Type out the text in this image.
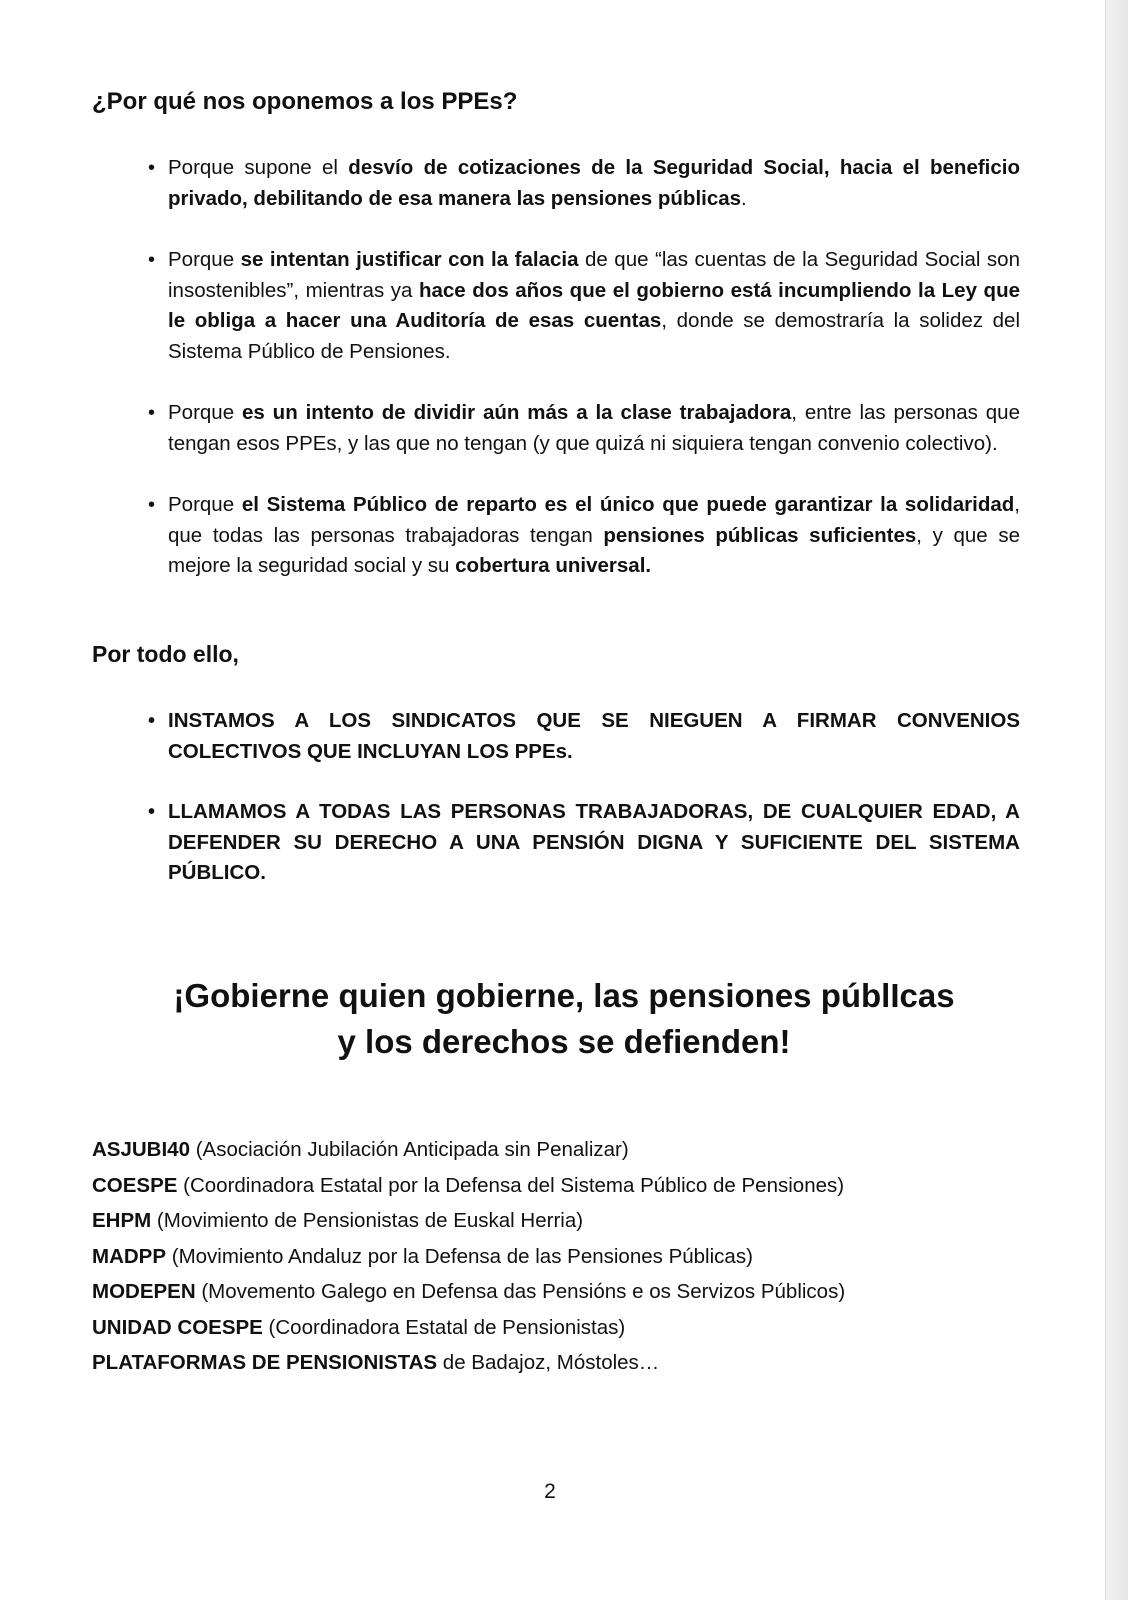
¿Por qué nos oponemos a los PPEs?
• Porque supone el desvío de cotizaciones de la Seguridad Social, hacia el beneficio privado, debilitando de esa manera las pensiones públicas.
• Porque se intentan justificar con la falacia de que “las cuentas de la Seguridad Social son insostenibles”, mientras ya hace dos años que el gobierno está incumpliendo la Ley que le obliga a hacer una Auditoría de esas cuentas, donde se demostraría la solidez del Sistema Público de Pensiones.
• Porque es un intento de dividir aún más a la clase trabajadora, entre las personas que tengan esos PPEs, y las que no tengan (y que quizá ni siquiera tengan convenio colectivo).
• Porque el Sistema Público de reparto es el único que puede garantizar la solidaridad, que todas las personas trabajadoras tengan pensiones públicas suficientes, y que se mejore la seguridad social y su cobertura universal.

Por todo ello,

• INSTAMOS A LOS SINDICATOS QUE SE NIEGUEN A FIRMAR CONVENIOS COLECTIVOS QUE INCLUYAN LOS PPEs.
• LLAMAMOS A TODAS LAS PERSONAS TRABAJADORAS, DE CUALQUIER EDAD, A DEFENDER SU DERECHO A UNA PENSIÓN DIGNA Y SUFICIENTE DEL SISTEMA PÚBLICO.
¡Gobierne quien gobierne, las pensiones públIcas
y los derechos se defienden!
ASJUBI40 (Asociación Jubilación Anticipada sin Penalizar)
COESPE (Coordinadora Estatal por la Defensa del Sistema Público de Pensiones)
EHPM (Movimiento de Pensionistas de Euskal Herria)
MADPP (Movimiento Andaluz por la Defensa de las Pensiones Públicas)
MODEPEN (Movemento Galego en Defensa das Pensións e os Servizos Públicos)
UNIDAD COESPE (Coordinadora Estatal de Pensionistas)
PLATAFORMAS DE PENSIONISTAS de Badajoz, Móstoles…
2
